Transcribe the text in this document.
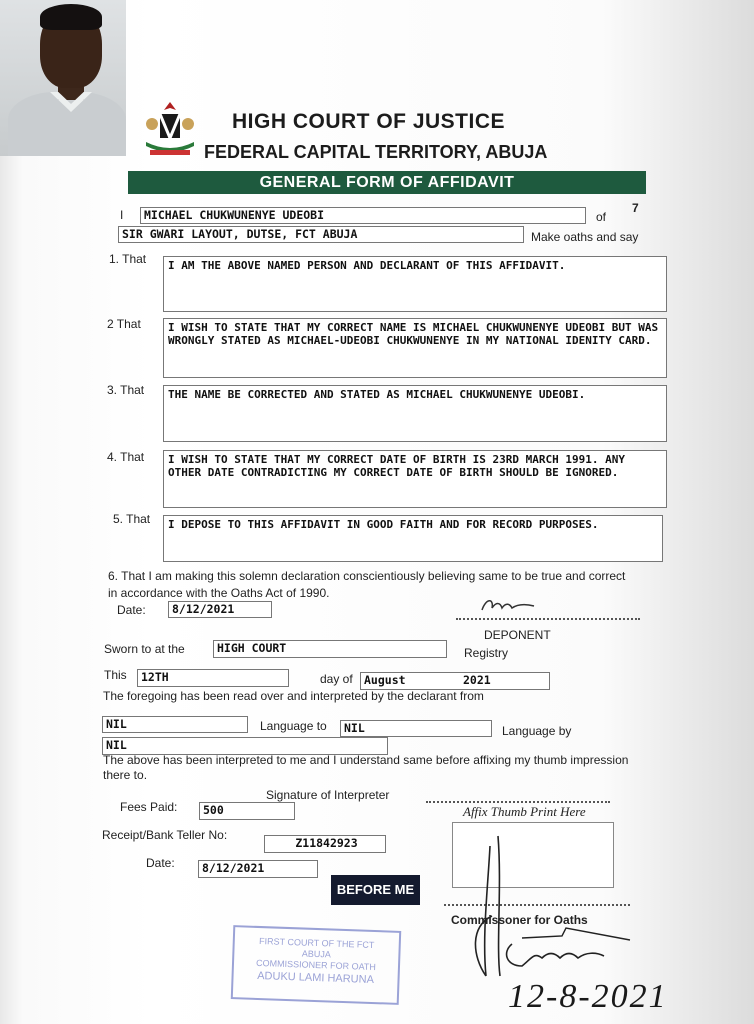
HIGH COURT OF JUSTICE
FEDERAL CAPITAL TERRITORY, ABUJA
GENERAL FORM OF AFFIDAVIT
7
I	MICHAEL CHUKWUNENYE UDEOBI	of
SIR GWARI LAYOUT, DUTSE, FCT ABUJA	Make oaths and say
1. That	I AM THE ABOVE NAMED PERSON AND DECLARANT OF THIS AFFIDAVIT.
2 That	I WISH TO STATE THAT MY CORRECT NAME IS MICHAEL CHUKWUNENYE UDEOBI BUT WAS WRONGLY STATED AS MICHAEL-UDEOBI CHUKWUNENYE IN MY NATIONAL IDENITY CARD.
3. That	THE NAME BE CORRECTED AND STATED AS MICHAEL CHUKWUNENYE UDEOBI.
4. That	I WISH TO STATE THAT MY CORRECT DATE OF BIRTH IS 23RD MARCH 1991. ANY OTHER DATE CONTRADICTING MY CORRECT DATE OF BIRTH SHOULD BE IGNORED.
5. That	I DEPOSE TO THIS AFFIDAVIT IN GOOD FAITH AND FOR RECORD PURPOSES.
6. That I am making this solemn declaration conscientiously believing same to be true and correct in accordance with the Oaths Act of 1990.
Date:	8/12/2021
DEPONENT
Sworn to at the	HIGH COURT	Registry
This	12TH	day of August	2021
The foregoing has been read over and interpreted by the declarant from
NIL	Language to	NIL	Language by
NIL
The above has been interpreted to me and I understand same before affixing my thumb impression there to.
Signature of Interpreter
Affix Thumb Print Here
Fees Paid:	500
Receipt/Bank Teller No:
Z11842923
Date:	8/12/2021
BEFORE ME
Commissoner for Oaths
FIRST COURT OF THE FCT
ABUJA
COMMISSIONER FOR OATH
ADUKU LAMI HARUNA
12-8-2021
